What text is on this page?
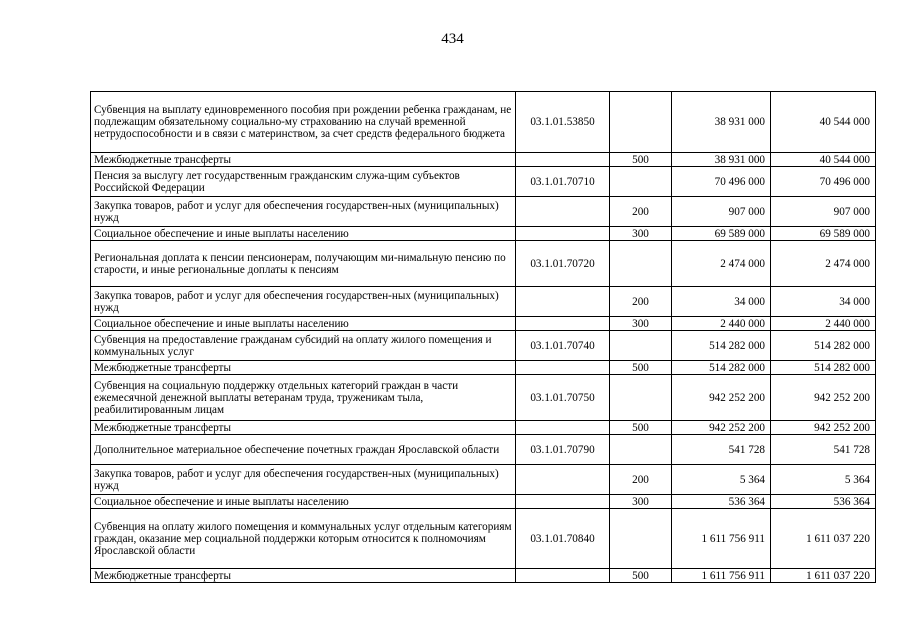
434
Субвенция на выплату единовременного пособия при рождении ребенка гражданам, не подлежащим обязательному социально-му страхованию на случай временной нетрудоспособности и в связи с материнством, за счет средств федерального бюджета	03.1.01.53850		38 931 000	40 544 000
Межбюджетные трансферты		500	38 931 000	40 544 000
Пенсия за выслугу лет государственным гражданским служа-щим субъектов Российской Федерации	03.1.01.70710		70 496 000	70 496 000
Закупка товаров, работ и услуг для обеспечения государствен-ных (муниципальных) нужд		200	907 000	907 000
Социальное обеспечение и иные выплаты населению		300	69 589 000	69 589 000
Региональная доплата к пенсии пенсионерам, получающим ми-нимальную пенсию по старости, и иные региональные доплаты к пенсиям	03.1.01.70720		2 474 000	2 474 000
Закупка товаров, работ и услуг для обеспечения государствен-ных (муниципальных) нужд		200	34 000	34 000
Социальное обеспечение и иные выплаты населению		300	2 440 000	2 440 000
Субвенция на предоставление гражданам субсидий на оплату жилого помещения и коммунальных услуг	03.1.01.70740		514 282 000	514 282 000
Межбюджетные трансферты		500	514 282 000	514 282 000
Субвенция на социальную поддержку отдельных категорий граждан в части ежемесячной денежной выплаты ветеранам труда, труженикам тыла, реабилитированным лицам	03.1.01.70750		942 252 200	942 252 200
Межбюджетные трансферты		500	942 252 200	942 252 200
Дополнительное материальное обеспечение почетных граждан Ярославской области	03.1.01.70790		541 728	541 728
Закупка товаров, работ и услуг для обеспечения государствен-ных (муниципальных) нужд		200	5 364	5 364
Социальное обеспечение и иные выплаты населению		300	536 364	536 364
Субвенция на оплату жилого помещения и коммунальных услуг отдельным категориям граждан, оказание мер социальной поддержки которым относится к полномочиям Ярославской области	03.1.01.70840		1 611 756 911	1 611 037 220
Межбюджетные трансферты		500	1 611 756 911	1 611 037 220
